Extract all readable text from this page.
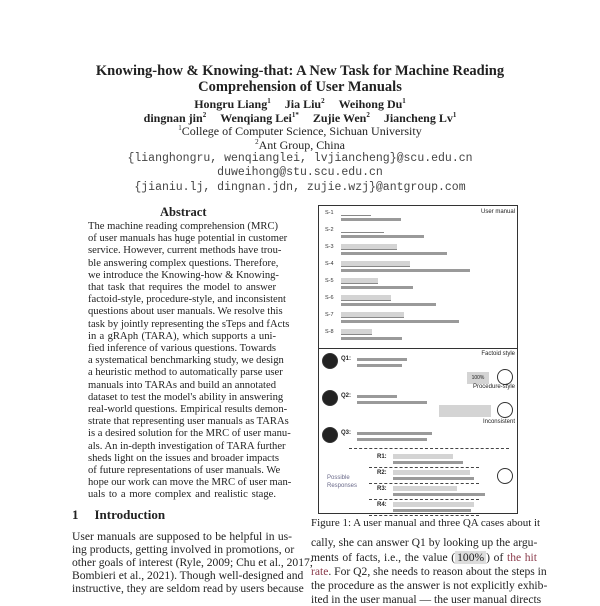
Knowing-how & Knowing-that: A New Task for Machine Reading
Comprehension of User Manuals
Hongru Liang$^1$ Jia Liu$^2$ Weihong Du$^1$
dingnan jin$^2$ Wenqiang Lei$^{1*}$ Zujie Wen$^2$ Jiancheng Lv$^1$
$^1$College of Computer Science, Sichuan University
$^2$Ant Group, China
{lianghongru, wenqianglei, lvjiancheng}@scu.edu.cn
duweihong@stu.scu.edu.cn
{jianiu.lj, dingnan.jdn, zujie.wzj}@antgroup.com
Abstract
The machine reading comprehension (MRC)
of user manuals has huge potential in customer
service. However, current methods have trou-
ble answering complex questions. Therefore,
we introduce the Knowing-how & Knowing-
that task that requires the model to answer
factoid-style, procedure-style, and inconsistent
questions about user manuals. We resolve this
task by jointly representing the sTeps and fActs
in a gRAph (TARA), which supports a uni-
fied inference of various questions. Towards
a systematical benchmarking study, we design
a heuristic method to automatically parse user
manuals into TARAs and build an annotated
dataset to test the model's ability in answering
real-world questions. Empirical results demon-
strate that representing user manuals as TARAs
is a desired solution for the MRC of user manu-
als. An in-depth investigation of TARA further
sheds light on the issues and broader impacts
of future representations of user manuals. We
hope our work can move the MRC of user man-
uals to a more complex and realistic stage.
1 Introduction
User manuals are supposed to be helpful in us-
ing products, getting involved in promotions, or
other goals of interest (Ryle, 2009; Chu et al., 2017;
Bombieri et al., 2021). Though well-designed and
instructive, they are seldom read by users because
User manual
S-1
S-2
S-3
S-4
S-5
S-6
S-7
S-8
Factoid style
Q1:
100%
Procedure-style
Q2:
Inconsistent
Q3:
Possible Responses
R1:
R2:
R3:
R4:
Figure 1: A user manual and three QA cases about it
cally, she can answer Q1 by looking up the argu-
ments of facts, i.e., the value ( 100% ) of the hit
rate. For Q2, she needs to reason about the steps in
the procedure as the answer is not explicitly exhib-
ited in the user manual — the user manual directs
